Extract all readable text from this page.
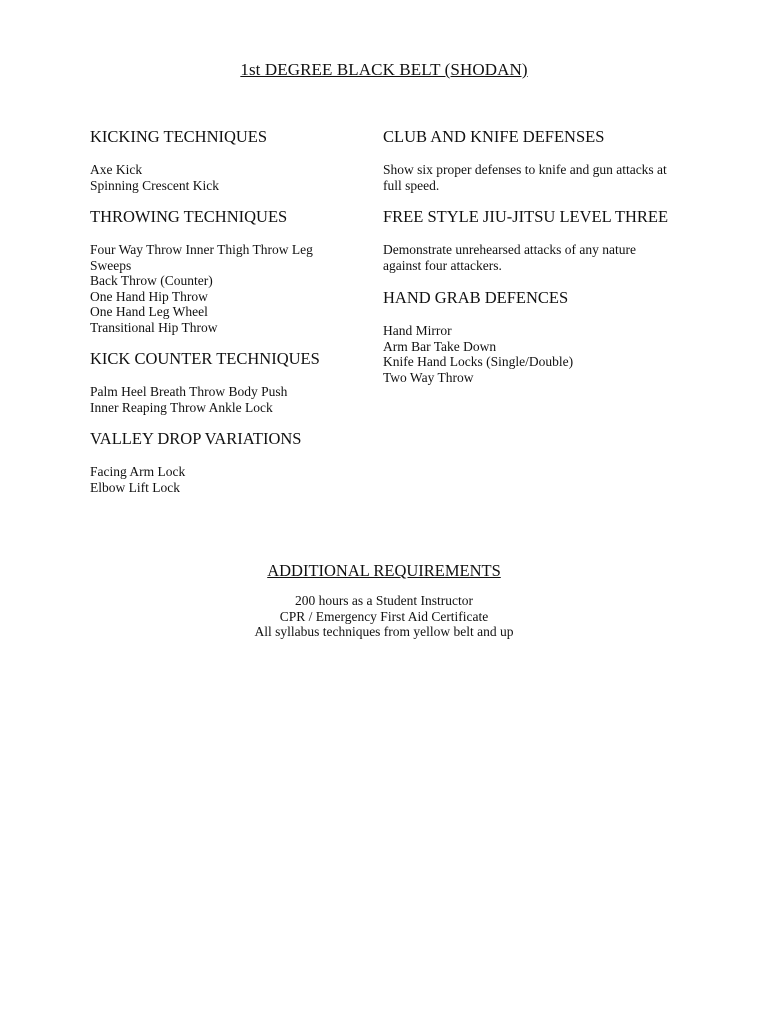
1st DEGREE BLACK BELT (SHODAN)
KICKING TECHNIQUES
Axe Kick
Spinning Crescent Kick
THROWING TECHNIQUES
Four Way Throw Inner Thigh Throw Leg
Sweeps
Back Throw (Counter)
One Hand Hip Throw
One Hand Leg Wheel
Transitional Hip Throw
KICK COUNTER TECHNIQUES
Palm Heel Breath Throw Body Push
Inner Reaping Throw Ankle Lock
VALLEY DROP VARIATIONS
Facing Arm Lock
Elbow Lift Lock
CLUB AND KNIFE DEFENSES
Show six proper defenses to knife and gun attacks at
full speed.
FREE STYLE JIU-JITSU LEVEL THREE
Demonstrate unrehearsed attacks of any nature
against four attackers.
HAND GRAB DEFENCES
Hand Mirror
Arm Bar Take Down
Knife Hand Locks (Single/Double)
Two Way Throw
ADDITIONAL REQUIREMENTS
200 hours as a Student Instructor
CPR / Emergency First Aid Certificate
All syllabus techniques from yellow belt and up
